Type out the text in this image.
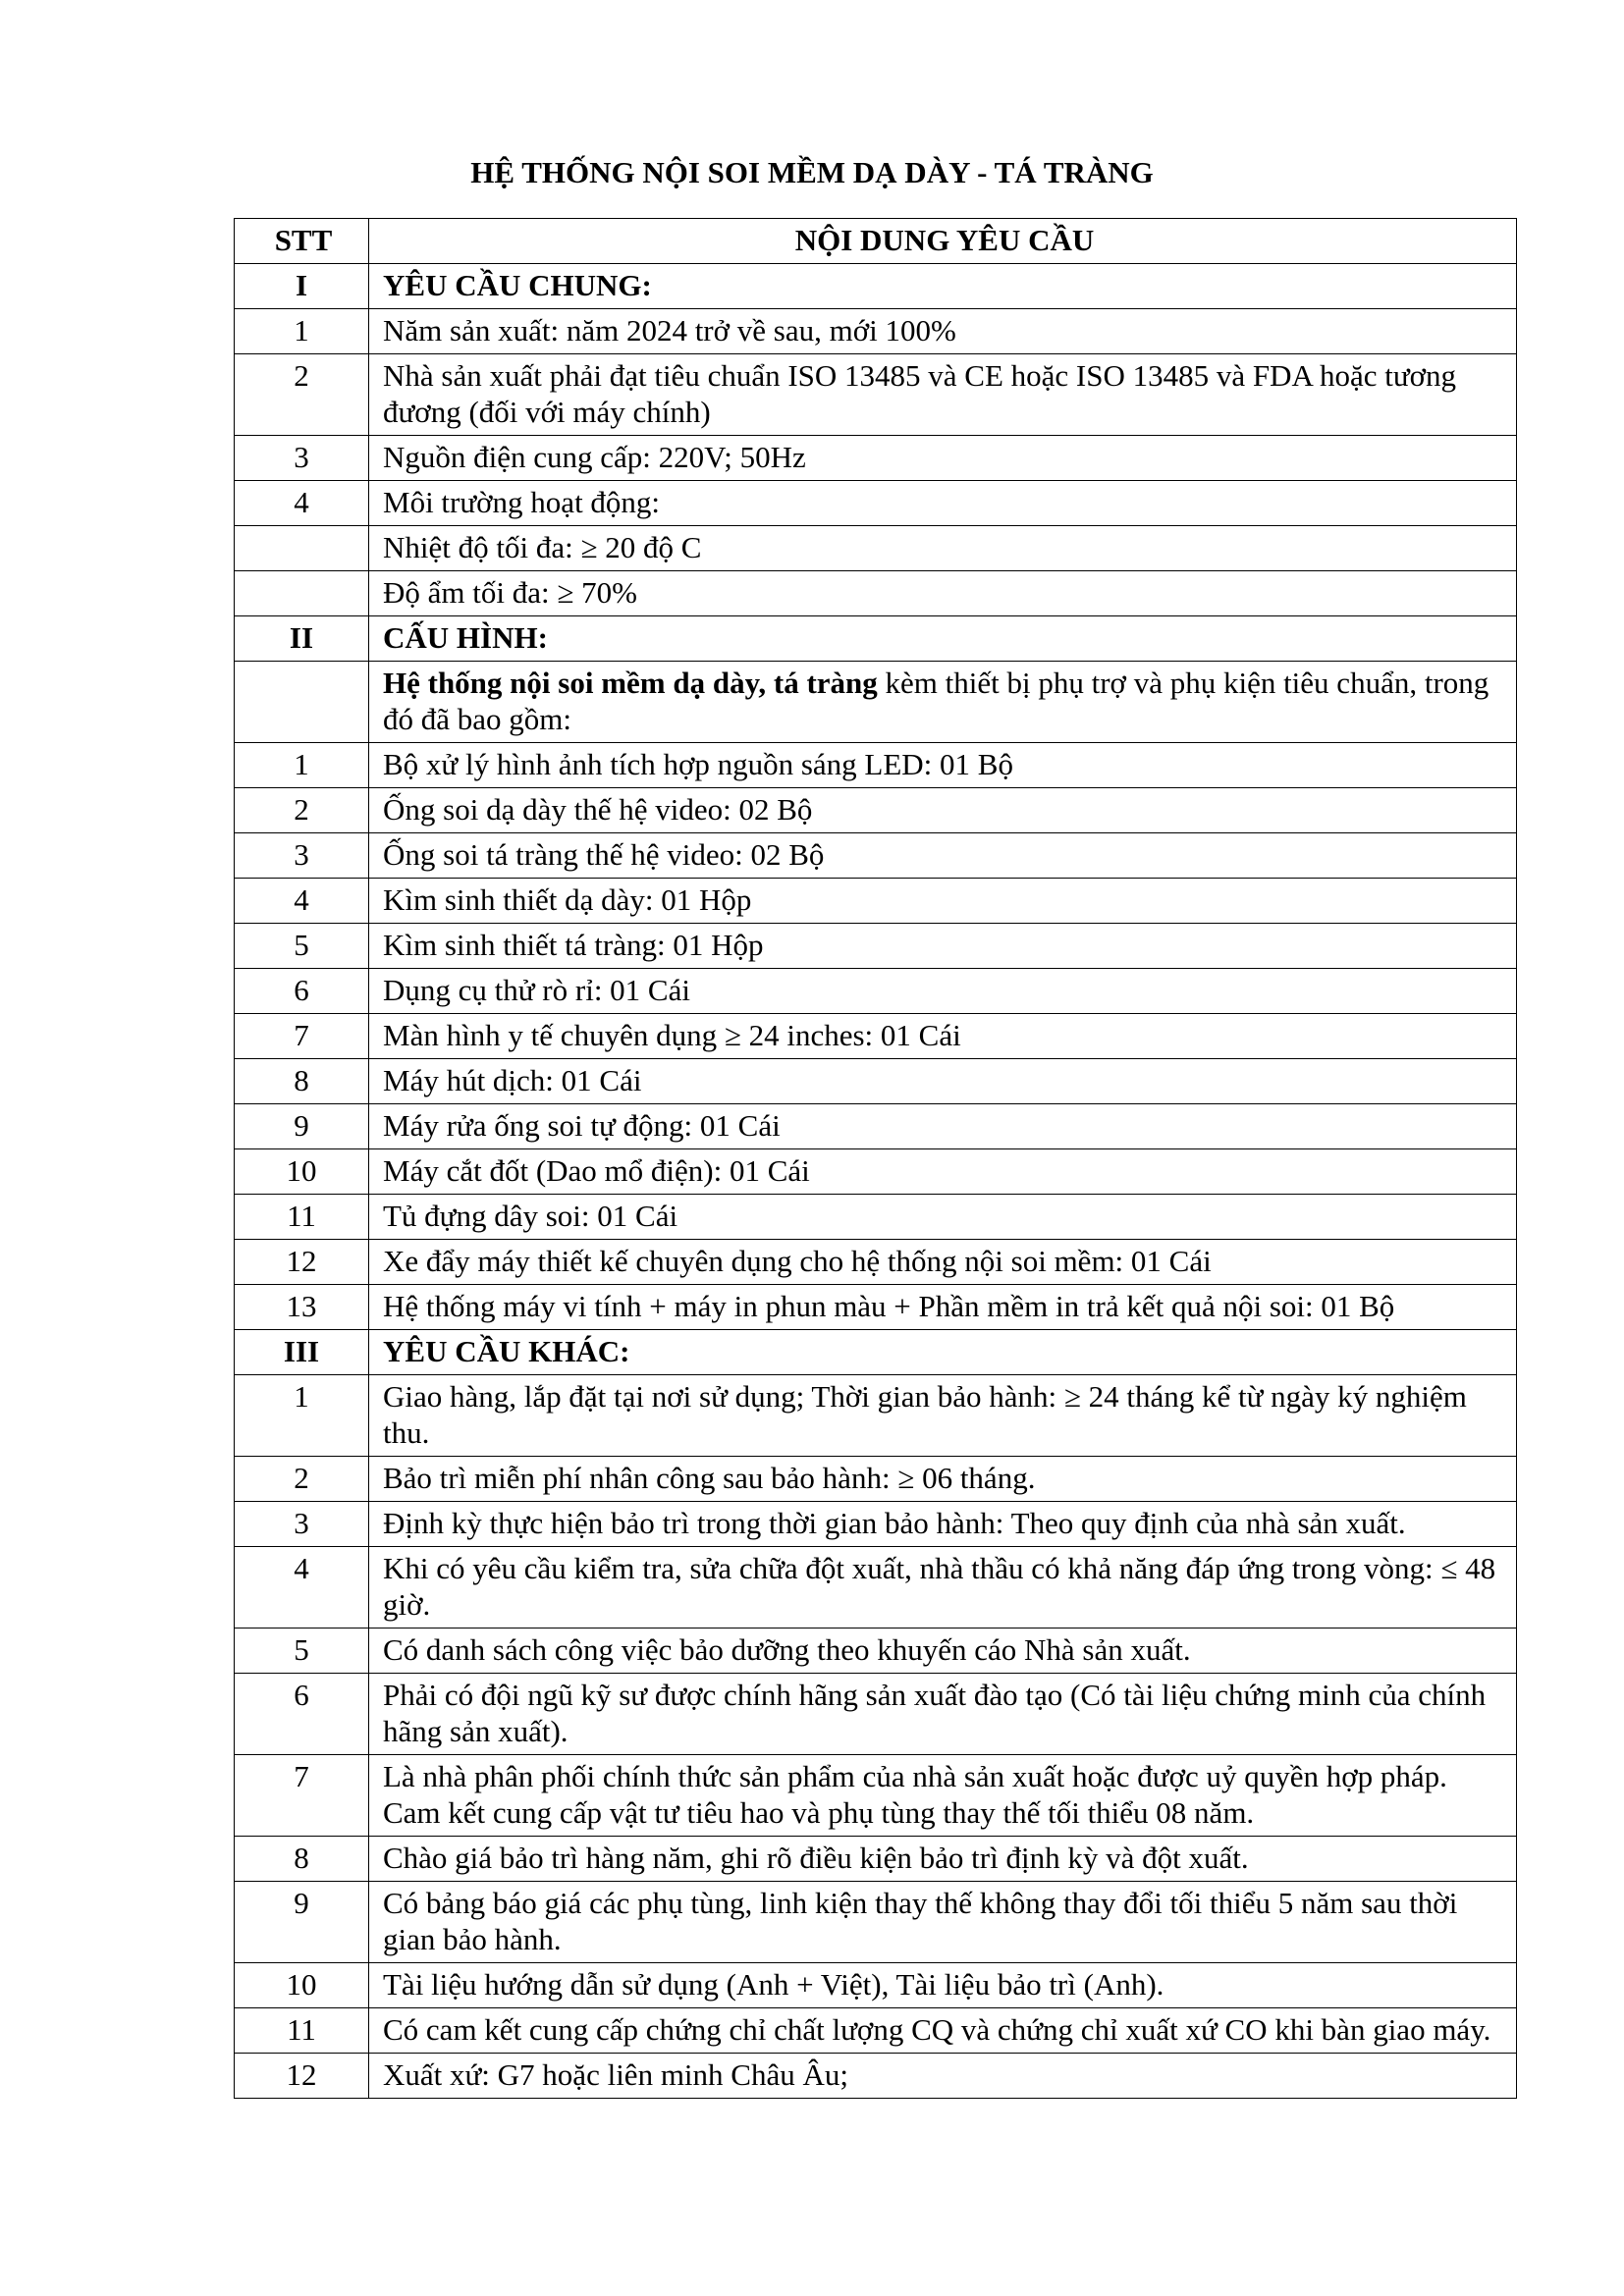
HỆ THỐNG NỘI SOI MỀM DẠ DÀY - TÁ TRÀNG
STT	NỘI DUNG YÊU CẦU
I	YÊU CẦU CHUNG:
1	Năm sản xuất: năm 2024 trở về sau, mới 100%
2	Nhà sản xuất phải đạt tiêu chuẩn ISO 13485 và CE hoặc ISO 13485 và FDA hoặc tương đương (đối với máy chính)
3	Nguồn điện cung cấp: 220V; 50Hz
4	Môi trường hoạt động:
	Nhiệt độ tối đa: ≥ 20 độ C
	Độ ẩm tối đa: ≥ 70%
II	CẤU HÌNH:
	Hệ thống nội soi mềm dạ dày, tá tràng kèm thiết bị phụ trợ và phụ kiện tiêu chuẩn, trong đó đã bao gồm:
1	Bộ xử lý hình ảnh tích hợp nguồn sáng LED: 01 Bộ
2	Ống soi dạ dày thế hệ video: 02 Bộ
3	Ống soi tá tràng thế hệ video: 02 Bộ
4	Kìm sinh thiết dạ dày: 01 Hộp
5	Kìm sinh thiết tá tràng: 01 Hộp
6	Dụng cụ thử rò rỉ: 01 Cái
7	Màn hình y tế chuyên dụng ≥ 24 inches: 01 Cái
8	Máy hút dịch: 01 Cái
9	Máy rửa ống soi tự động: 01 Cái
10	Máy cắt đốt (Dao mổ điện): 01 Cái
11	Tủ đựng dây soi: 01 Cái
12	Xe đẩy máy thiết kế chuyên dụng cho hệ thống nội soi mềm: 01 Cái
13	Hệ thống máy vi tính + máy in phun màu + Phần mềm in trả kết quả nội soi: 01 Bộ
III	YÊU CẦU KHÁC:
1	Giao hàng, lắp đặt tại nơi sử dụng; Thời gian bảo hành: ≥ 24 tháng kể từ ngày ký nghiệm thu.
2	Bảo trì miễn phí nhân công sau bảo hành: ≥ 06 tháng.
3	Định kỳ thực hiện bảo trì trong thời gian bảo hành: Theo quy định của nhà sản xuất.
4	Khi có yêu cầu kiểm tra, sửa chữa đột xuất, nhà thầu có khả năng đáp ứng trong vòng: ≤ 48 giờ.
5	Có danh sách công việc bảo dưỡng theo khuyến cáo Nhà sản xuất.
6	Phải có đội ngũ kỹ sư được chính hãng sản xuất đào tạo (Có tài liệu chứng minh của chính hãng sản xuất).
7	Là nhà phân phối chính thức sản phẩm của nhà sản xuất hoặc được uỷ quyền hợp pháp. Cam kết cung cấp vật tư tiêu hao và phụ tùng thay thế tối thiểu 08 năm.
8	Chào giá bảo trì hàng năm, ghi rõ điều kiện bảo trì định kỳ và đột xuất.
9	Có bảng báo giá các phụ tùng, linh kiện thay thế không thay đổi tối thiểu 5 năm sau thời gian bảo hành.
10	Tài liệu hướng dẫn sử dụng (Anh + Việt), Tài liệu bảo trì (Anh).
11	Có cam kết cung cấp chứng chỉ chất lượng CQ và chứng chỉ xuất xứ CO khi bàn giao máy.
12	Xuất xứ: G7 hoặc liên minh Châu Âu;
